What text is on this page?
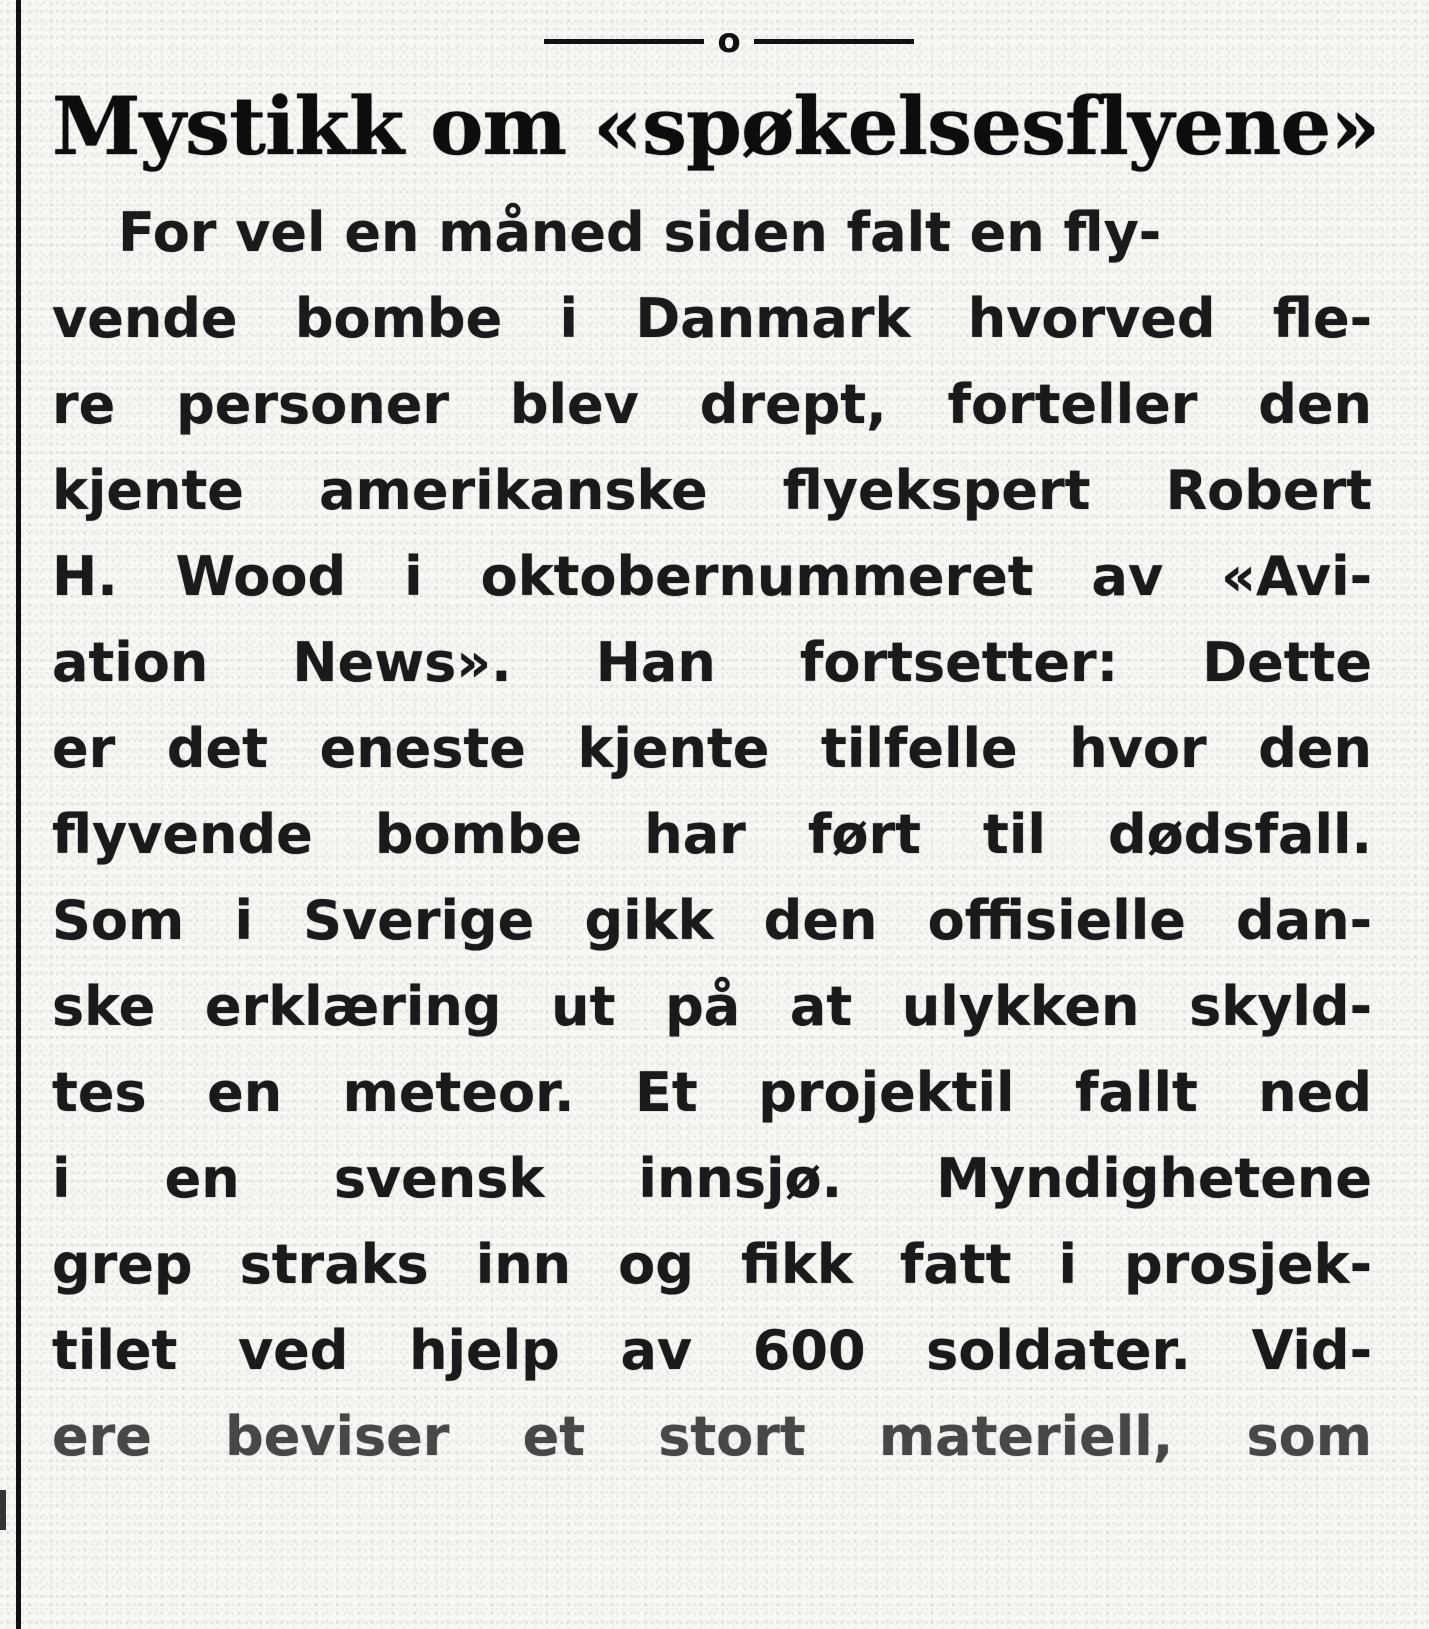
o
Mystikk om «spøkelsesflyene»
For vel en måned siden falt en fly-
vende bombe i Danmark hvorved fle-
re personer blev drept, forteller den
kjente amerikanske flyekspert Robert
H. Wood i oktobernummeret av «Avi-
ation News». Han fortsetter: Dette
er det eneste kjente tilfelle hvor den
flyvende bombe har ført til dødsfall.
Som i Sverige gikk den offisielle dan-
ske erklæring ut på at ulykken skyld-
tes en meteor. Et projektil fallt ned
i en svensk innsjø. Myndighetene
grep straks inn og fikk fatt i prosjek-
tilet ved hjelp av 600 soldater. Vid-
ere beviser et stort materiell, som
